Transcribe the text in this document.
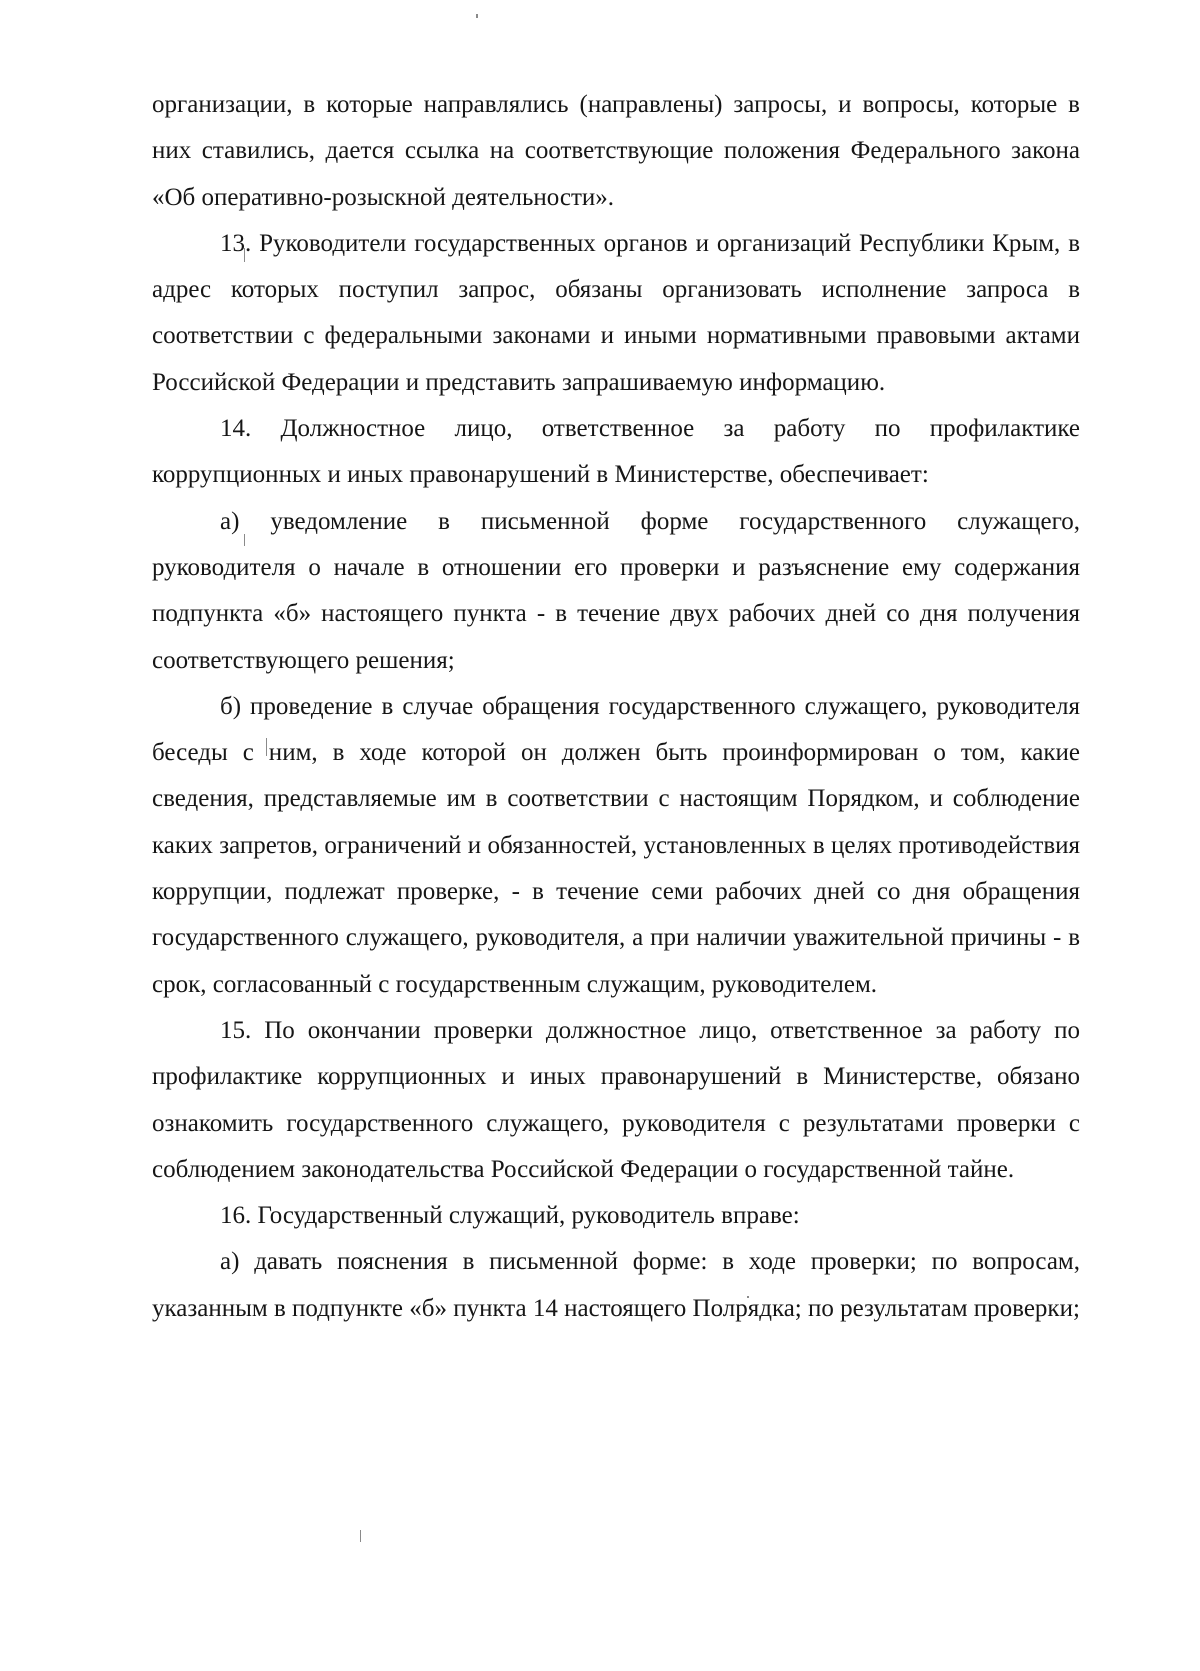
организации, в которые направлялись (направлены) запросы, и вопросы, которые в них ставились, дается ссылка на соответствующие положения Федерального закона «Об оперативно-розыскной деятельности».

13. Руководители государственных органов и организаций Республики Крым, в адрес которых поступил запрос, обязаны организовать исполнение запроса в соответствии с федеральными законами и иными нормативными правовыми актами Российской Федерации и представить запрашиваемую информацию.

14. Должностное лицо, ответственное за работу по профилактике коррупционных и иных правонарушений в Министерстве, обеспечивает:

а) уведомление в письменной форме государственного служащего, руководителя о начале в отношении его проверки и разъяснение ему содержания подпункта «б» настоящего пункта - в течение двух рабочих дней со дня получения соответствующего решения;

б) проведение в случае обращения государственного служащего, руководителя беседы с ним, в ходе которой он должен быть проинформирован о том, какие сведения, представляемые им в соответствии с настоящим Порядком, и соблюдение каких запретов, ограничений и обязанностей, установленных в целях противодействия коррупции, подлежат проверке, - в течение семи рабочих дней со дня обращения государственного служащего, руководителя, а при наличии уважительной причины - в срок, согласованный с государственным служащим, руководителем.

15. По окончании проверки должностное лицо, ответственное за работу по профилактике коррупционных и иных правонарушений в Министерстве, обязано ознакомить государственного служащего, руководителя с результатами проверки с соблюдением законодательства Российской Федерации о государственной тайне.

16. Государственный служащий, руководитель вправе:

а) давать пояснения в письменной форме: в ходе проверки; по вопросам, указанным в подпункте «б» пункта 14 настоящего Полрядка; по результатам проверки;
